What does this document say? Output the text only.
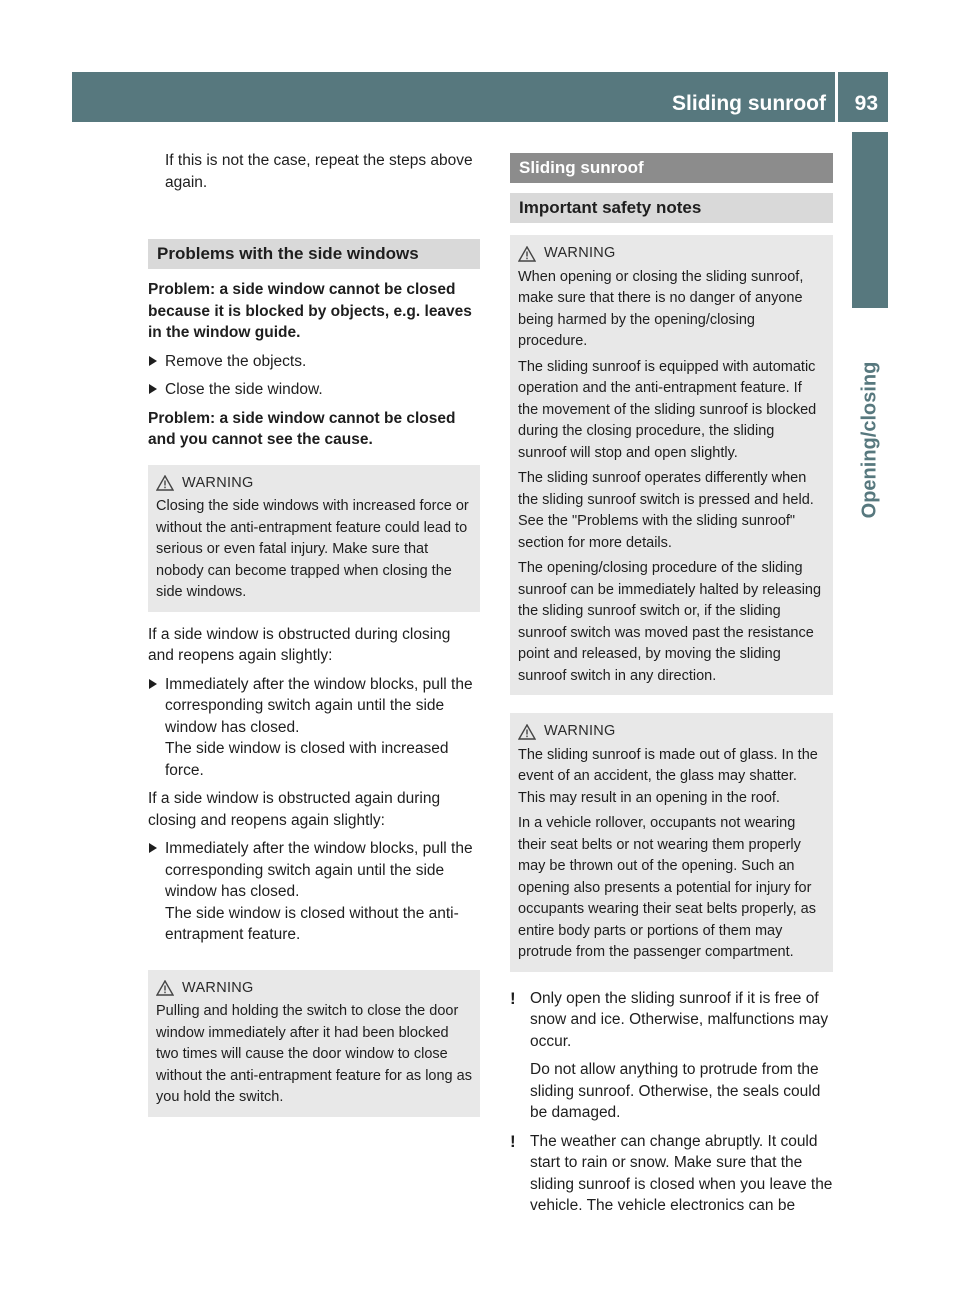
Sliding sunroof 93
Opening/closing

If this is not the case, repeat the steps above again.

Problems with the side windows

Problem: a side window cannot be closed because it is blocked by objects, e.g. leaves in the window guide.

Remove the objects.
Close the side window.

Problem: a side window cannot be closed and you cannot see the cause.

WARNING

Closing the side windows with increased force or without the anti-entrapment feature could lead to serious or even fatal injury. Make sure that nobody can become trapped when closing the side windows.

If a side window is obstructed during closing and reopens again slightly:

Immediately after the window blocks, pull the corresponding switch again until the side window has closed.
The side window is closed with increased force.

If a side window is obstructed again during closing and reopens again slightly:

Immediately after the window blocks, pull the corresponding switch again until the side window has closed.
The side window is closed without the anti-entrapment feature.
WARNING

Pulling and holding the switch to close the door window immediately after it had been blocked two times will cause the door window to close without the anti-entrapment feature for as long as you hold the switch.

Sliding sunroof
Important safety notes
WARNING

When opening or closing the sliding sunroof, make sure that there is no danger of anyone being harmed by the opening/closing procedure.

The sliding sunroof is equipped with automatic operation and the anti-entrapment feature. If the movement of the sliding sunroof is blocked during the closing procedure, the sliding sunroof will stop and open slightly.

The sliding sunroof operates differently when the sliding sunroof switch is pressed and held. See the "Problems with the sliding sunroof" section for more details.

The opening/closing procedure of the sliding sunroof can be immediately halted by releasing the sliding sunroof switch or, if the sliding sunroof switch was moved past the resistance point and released, by moving the sliding sunroof switch in any direction.

WARNING

The sliding sunroof is made out of glass. In the event of an accident, the glass may shatter. This may result in an opening in the roof.

In a vehicle rollover, occupants not wearing their seat belts or not wearing them properly may be thrown out of the opening. Such an opening also presents a potential for injury for occupants wearing their seat belts properly, as entire body parts or portions of them may protrude from the passenger compartment.

! Only open the sliding sunroof if it is free of snow and ice. Otherwise, malfunctions may occur.

Do not allow anything to protrude from the sliding sunroof. Otherwise, the seals could be damaged.

! The weather can change abruptly. It could start to rain or snow. Make sure that the sliding sunroof is closed when you leave the vehicle. The vehicle electronics can be
